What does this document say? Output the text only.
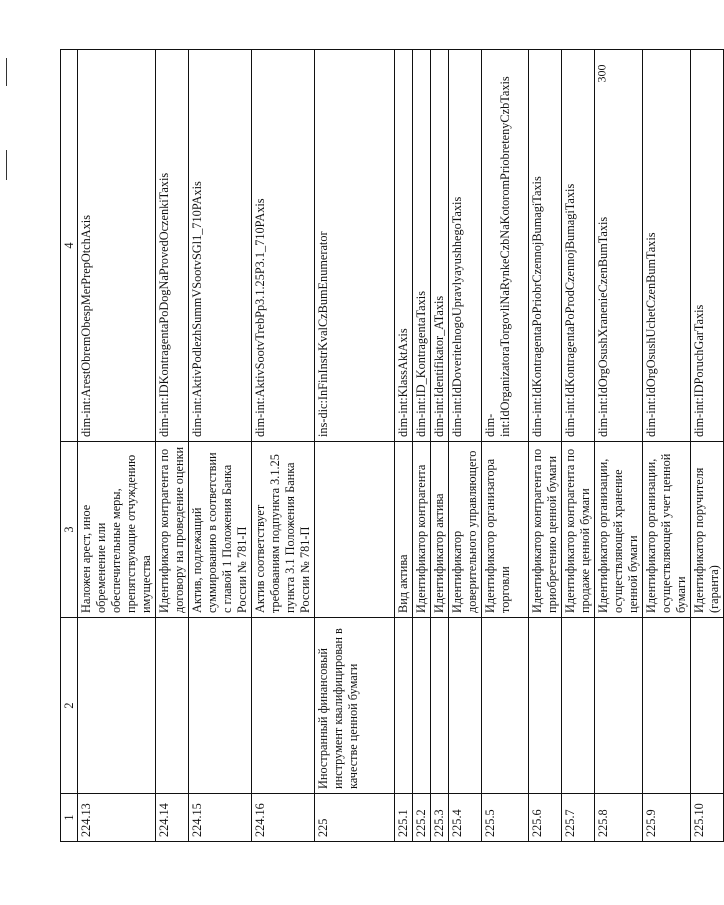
300
1	2	3	4
224.13		Наложен арест, иное обременение или обеспечительные меры, препятствующие отчуждению имущества	dim-int:ArestObremObespMerPrepOtchAxis
224.14		Идентификатор контрагента по договору на проведение оценки	dim-int:IDKontragentaPoDogNaProvedOczenkiTaxis
224.15		Актив, подлежащий суммированию в соответствии с главой 1 Положения Банка России № 781-П	dim-int:AktivPodlezhSummVSootvSGl1_710PAxis
224.16		Актив соответствует требованиям подпункта 3.1.25 пункта 3.1 Положения Банка России № 781-П	dim-int:AktivSootvTrebPp3.1.25P3.1_710PAxis
225	Иностранный финансовый инструмент квалифицирован в качестве ценной бумаги		ins-dic:InFinInstrKvalCzBumEnumerator
225.1		Вид актива	dim-int:KlassAktAxis
225.2		Идентификатор контрагента	dim-int:ID_KontragentaTaxis
225.3		Идентификатор актива	dim-int:Identifikator_ATaxis
225.4		Идентификатор доверительного управляющего	dim-int:IdDoveritelnogoUpravlyayushhegoTaxis
225.5		Идентификатор организатора торговли	dim-int:IdOrganizatoraTorgovliNaRynkeCzbNaKotoromPriobretenyCzbTaxis
225.6		Идентификатор контрагента по приобретению ценной бумаги	dim-int:IdKontragentaPoPriobrCzennojBumagiTaxis
225.7		Идентификатор контрагента по продаже ценной бумаги	dim-int:IdKontragentaPoProdCzennojBumagiTaxis
225.8		Идентификатор организации, осуществляющей хранение ценной бумаги	dim-int:IdOrgOsushXranenieCzenBumTaxis
225.9		Идентификатор организации, осуществляющей учет ценной бумаги	dim-int:IdOrgOsushUchetCzenBumTaxis
225.10		Идентификатор поручителя (гаранта)	dim-int:IDPoruchGarTaxis
